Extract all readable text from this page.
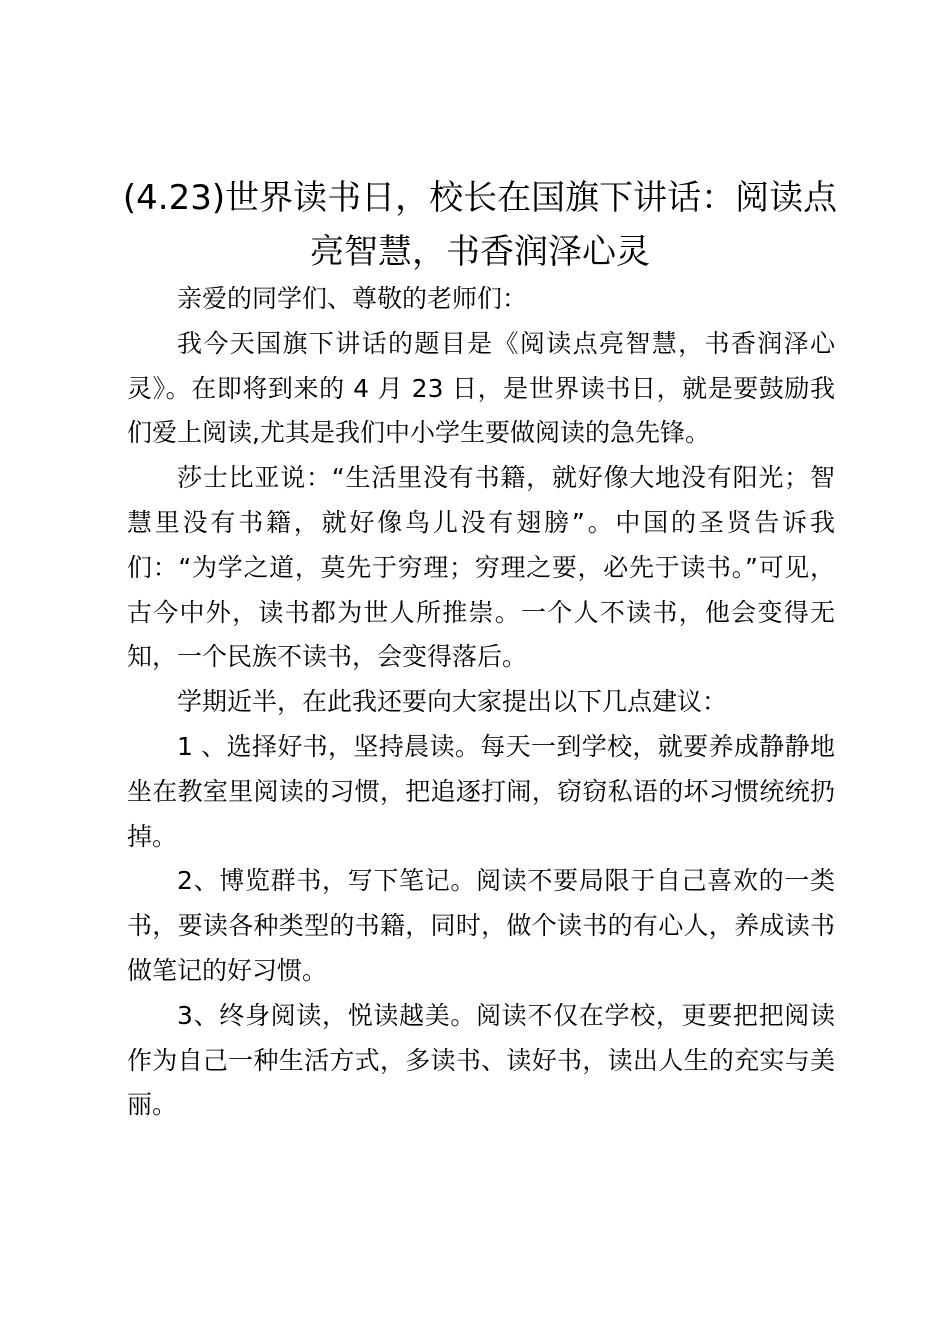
(4.23)世界读书日，校长在国旗下讲话：阅读点亮智慧，书香润泽心灵

亲爱的同学们、尊敬的老师们：

我今天国旗下讲话的题目是《阅读点亮智慧，书香润泽心灵》。在即将到来的 4 月 23 日，是世界读书日，就是要鼓励我们爱上阅读,尤其是我们中小学生要做阅读的急先锋。

莎士比亚说：“生活里没有书籍，就好像大地没有阳光；智慧里没有书籍，就好像鸟儿没有翅膀”。中国的圣贤告诉我们：“为学之道，莫先于穷理；穷理之要，必先于读书。”可见，古今中外，读书都为世人所推崇。一个人不读书，他会变得无知，一个民族不读书，会变得落后。

学期近半，在此我还要向大家提出以下几点建议：

1 、选择好书，坚持晨读。每天一到学校，就要养成静静地坐在教室里阅读的习惯，把追逐打闹，窃窃私语的坏习惯统统扔掉。

2、博览群书，写下笔记。阅读不要局限于自己喜欢的一类书，要读各种类型的书籍，同时，做个读书的有心人，养成读书做笔记的好习惯。

3、终身阅读，悦读越美。阅读不仅在学校，更要把把阅读作为自己一种生活方式，多读书、读好书，读出人生的充实与美丽。
